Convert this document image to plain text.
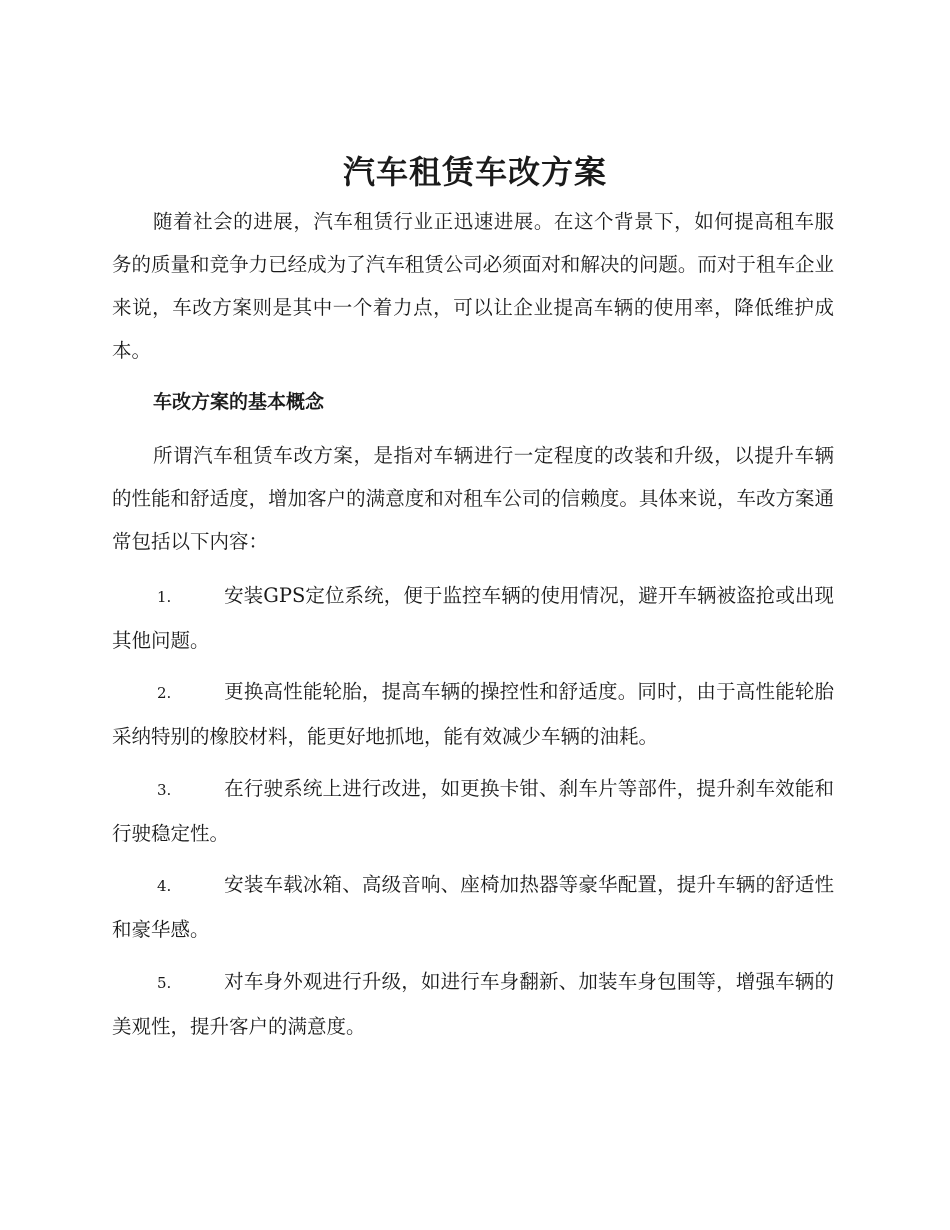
汽车租赁车改方案

随着社会的进展，汽车租赁行业正迅速进展。在这个背景下，如何提高租车服务的质量和竞争力已经成为了汽车租赁公司必须面对和解决的问题。而对于租车企业来说，车改方案则是其中一个着力点，可以让企业提高车辆的使用率，降低维护成本。

车改方案的基本概念

所谓汽车租赁车改方案，是指对车辆进行一定程度的改装和升级，以提升车辆的性能和舒适度，增加客户的满意度和对租车公司的信赖度。具体来说，车改方案通常包括以下内容：

1.	安装GPS定位系统，便于监控车辆的使用情况，避开车辆被盗抢或出现其他问题。

2.	更换高性能轮胎，提高车辆的操控性和舒适度。同时，由于高性能轮胎采纳特别的橡胶材料，能更好地抓地，能有效减少车辆的油耗。

3.	在行驶系统上进行改进，如更换卡钳、刹车片等部件，提升刹车效能和行驶稳定性。

4.	安装车载冰箱、高级音响、座椅加热器等豪华配置，提升车辆的舒适性和豪华感。

5.	对车身外观进行升级，如进行车身翻新、加装车身包围等，增强车辆的美观性，提升客户的满意度。
